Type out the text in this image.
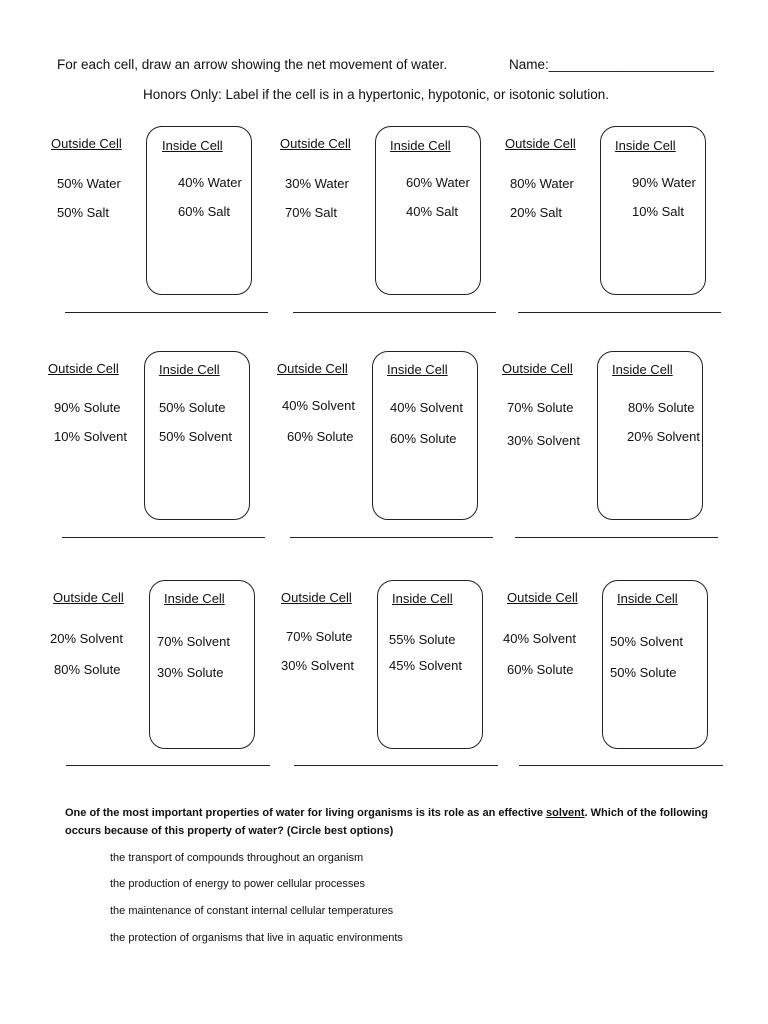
For each cell, draw an arrow showing the net movement of water.	Name:______________________
Honors Only: Label if the cell is in a hypertonic, hypotonic, or isotonic solution.
Outside Cell	Inside Cell
50% Water
50% Salt
40% Water
60% Salt
Outside Cell	Inside Cell
30% Water
70% Salt
60% Water
40% Salt
Outside Cell	Inside Cell
80% Water
20% Salt
90% Water
10% Salt
Outside Cell	Inside Cell
90% Solute
10% Solvent
50% Solute
50% Solvent
Outside Cell	Inside Cell
40% Solvent
60% Solute
40% Solvent
60% Solute
Outside Cell	Inside Cell
70% Solute
30% Solvent
80% Solute
20% Solvent
Outside Cell	Inside Cell
20% Solvent
80% Solute
70% Solvent
30% Solute
Outside Cell	Inside Cell
70% Solute
30% Solvent
55% Solute
45% Solvent
Outside Cell	Inside Cell
40% Solvent
60% Solute
50% Solvent
50% Solute
One of the most important properties of water for living organisms is its role as an effective solvent. Which of the following
occurs because of this property of water? (Circle best options)
the transport of compounds throughout an organism
the production of energy to power cellular processes
the maintenance of constant internal cellular temperatures
the protection of organisms that live in aquatic environments
